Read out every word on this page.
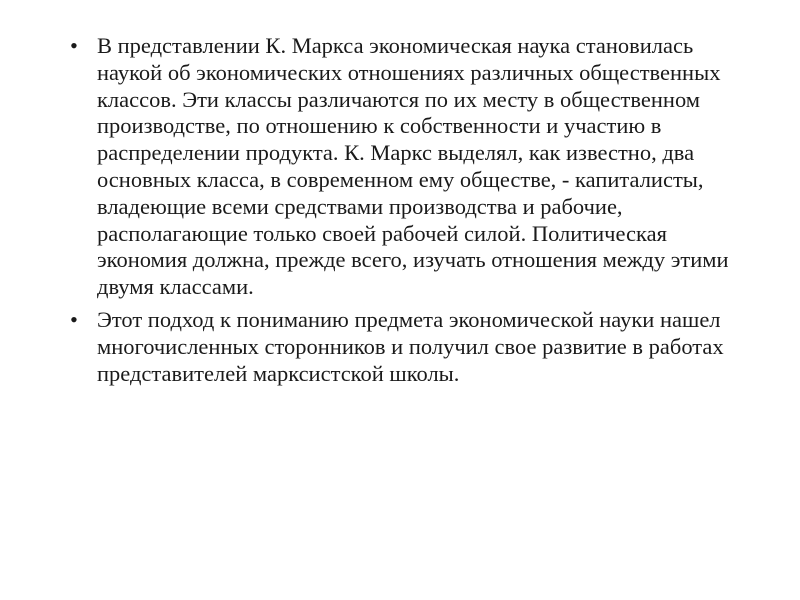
• В представлении К. Маркса экономическая наука становилась наукой об экономических отношениях различных общественных классов. Эти классы различаются по их месту в общественном производстве, по отношению к собственности и участию в распределении продукта. К. Маркс выделял, как известно, два основных класса, в современном ему обществе, - капиталисты, владеющие всеми средствами производства и рабочие, располагающие только своей рабочей силой. Политическая экономия должна, прежде всего, изучать отношения между этими двумя классами.
• Этот подход к пониманию предмета экономической науки нашел многочисленных сторонников и получил свое развитие в работах представителей марксистской школы.
